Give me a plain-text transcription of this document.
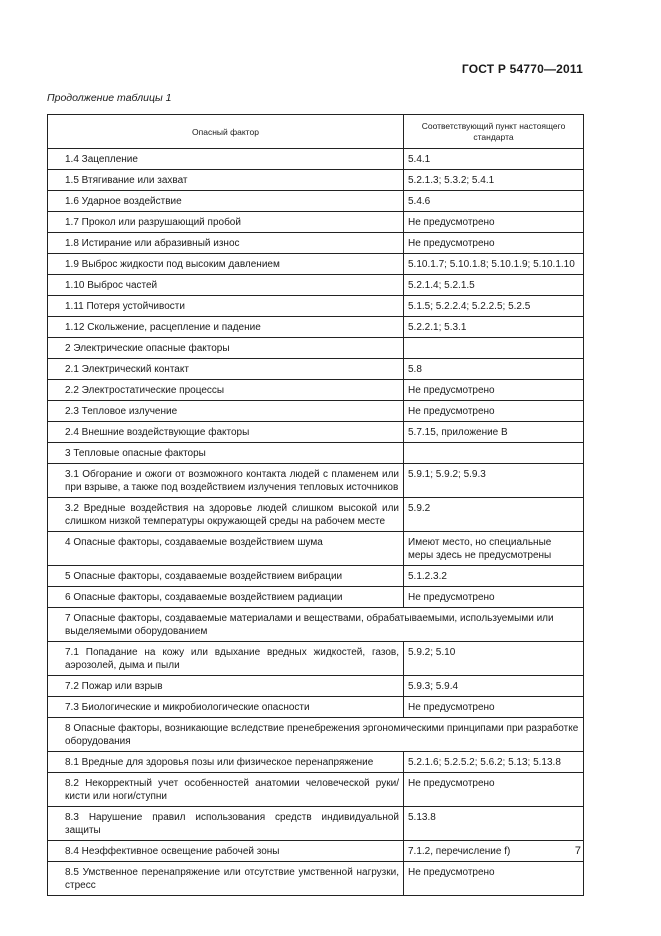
ГОСТ Р 54770—2011
Продолжение таблицы 1
Опасный фактор	Соответствующий пункт настоящего стандарта
1.4 Зацепление	5.4.1
1.5 Втягивание или захват	5.2.1.3; 5.3.2; 5.4.1
1.6 Ударное воздействие	5.4.6
1.7 Прокол или разрушающий пробой	Не предусмотрено
1.8 Истирание или абразивный износ	Не предусмотрено
1.9 Выброс жидкости под высоким давлением	5.10.1.7; 5.10.1.8; 5.10.1.9; 5.10.1.10
1.10 Выброс частей	5.2.1.4; 5.2.1.5
1.11 Потеря устойчивости	5.1.5; 5.2.2.4; 5.2.2.5; 5.2.5
1.12 Скольжение, расцепление и падение	5.2.2.1; 5.3.1
2 Электрические опасные факторы	
2.1 Электрический контакт	5.8
2.2 Электростатические процессы	Не предусмотрено
2.3 Тепловое излучение	Не предусмотрено
2.4 Внешние воздействующие факторы	5.7.15, приложение В
3 Тепловые опасные факторы	
3.1 Обгорание и ожоги от возможного контакта людей с пламенем или при взрыве, а также под воздействием излучения тепловых источников	5.9.1; 5.9.2; 5.9.3
3.2 Вредные воздействия на здоровье людей слишком высокой или слишком низкой температуры окружающей среды на рабочем месте	5.9.2
4 Опасные факторы, создаваемые воздействием шума	Имеют место, но специальные меры здесь не предусмотрены
5 Опасные факторы, создаваемые воздействием вибрации	5.1.2.3.2
6 Опасные факторы, создаваемые воздействием радиации	Не предусмотрено
7 Опасные факторы, создаваемые материалами и веществами, обрабатываемыми, используемыми или выделяемыми оборудованием	
7.1 Попадание на кожу или вдыхание вредных жидкостей, газов, аэрозолей, дыма и пыли	5.9.2; 5.10
7.2 Пожар или взрыв	5.9.3; 5.9.4
7.3 Биологические и микробиологические опасности	Не предусмотрено
8 Опасные факторы, возникающие вследствие пренебрежения эргономическими принципами при разработке оборудования	
8.1 Вредные для здоровья позы или физическое перенапряжение	5.2.1.6; 5.2.5.2; 5.6.2; 5.13; 5.13.8
8.2 Некорректный учет особенностей анатомии человеческой руки/кисти или ноги/ступни	Не предусмотрено
8.3 Нарушение правил использования средств индивидуальной защиты	5.13.8
8.4 Неэффективное освещение рабочей зоны	7.1.2, перечисление f)
8.5 Умственное перенапряжение или отсутствие умственной нагрузки, стресс	Не предусмотрено
7
